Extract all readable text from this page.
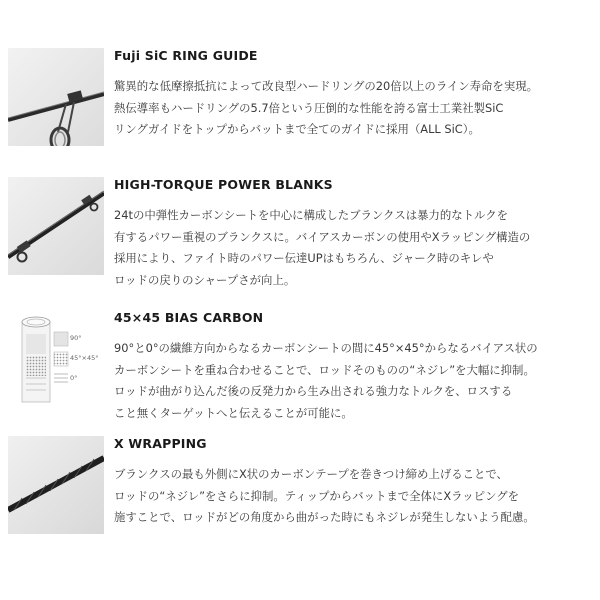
Fuji SiC RING GUIDE
驚異的な低摩擦抵抗によって改良型ハードリングの20倍以上のライン寿命を実現。
熱伝導率もハードリングの5.7倍という圧倒的な性能を誇る富士工業社製SiC
リングガイドをトップからバットまで全てのガイドに採用（ALL SiC）。
HIGH-TORQUE POWER BLANKS
24tの中弾性カーボンシートを中心に構成したブランクスは暴力的なトルクを
有するパワー重視のブランクスに。バイアスカーボンの使用やXラッピング構造の
採用により、ファイト時のパワー伝達UPはもちろん、ジャーク時のキレや
ロッドの戻りのシャープさが向上。
90°
45°×45°
0°
45×45 BIAS CARBON
90°と0°の繊維方向からなるカーボンシートの間に45°×45°からなるバイアス状の
カーボンシートを重ね合わせることで、ロッドそのものの“ネジレ”を大幅に抑制。
ロッドが曲がり込んだ後の反発力から生み出される強力なトルクを、ロスする
こと無くターゲットへと伝えることが可能に。
X WRAPPING
ブランクスの最も外側にX状のカーボンテープを巻きつけ締め上げることで、
ロッドの“ネジレ”をさらに抑制。ティップからバットまで全体にXラッピングを
施すことで、ロッドがどの角度から曲がった時にもネジレが発生しないよう配慮。
